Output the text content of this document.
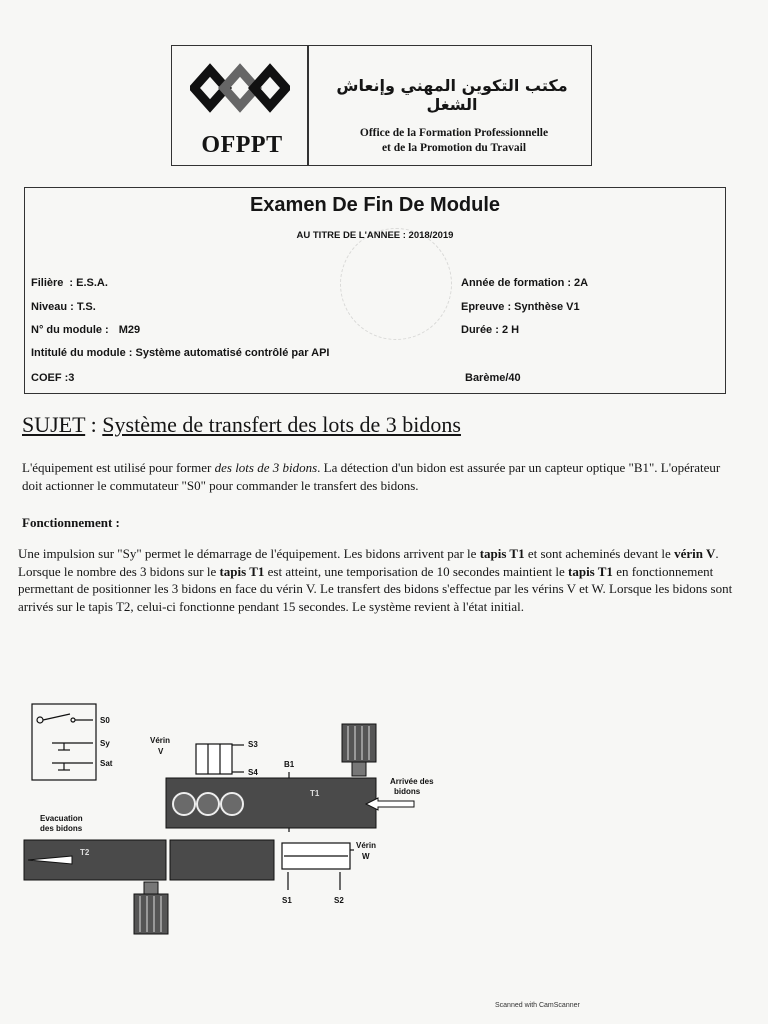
OFPPT
مكتب التكوين المهني وإنعاش الشغل
Office de la Formation Professionnelle
et de la Promotion du Travail
Examen De Fin De Module
AU TITRE DE L'ANNEE : 2018/2019
Filière : E.S.A.
Niveau : T.S.
N° du module : M29
Intitulé du module : Système automatisé contrôlé par API
COEF :3
Année de formation : 2A
Epreuve : Synthèse V1
Durée : 2 H
Barème/40
SUJET : Système de transfert des lots de 3 bidons
L'équipement est utilisé pour former des lots de 3 bidons. La détection d'un bidon est assurée par un capteur optique "B1". L'opérateur doit actionner le commutateur "S0" pour commander le transfert des bidons.
Fonctionnement :
Une impulsion sur "Sy" permet le démarrage de l'équipement. Les bidons arrivent par le tapis T1 et sont acheminés devant le vérin V. Lorsque le nombre des 3 bidons sur le tapis T1 est atteint, une temporisation de 10 secondes maintient le tapis T1 en fonctionnement permettant de positionner les 3 bidons en face du vérin V. Le transfert des bidons s'effectue par les vérins V et W. Lorsque les bidons sont arrivés sur le tapis T2, celui-ci fonctionne pendant 15 secondes. Le système revient à l'état initial.
S0
Sy
Sat
Vérin
V
S3
S4
B1
T1
Arrivée des
bidons
Evacuation
des bidons
T2
Vérin
W
S1	S2
Scanned with CamScanner
